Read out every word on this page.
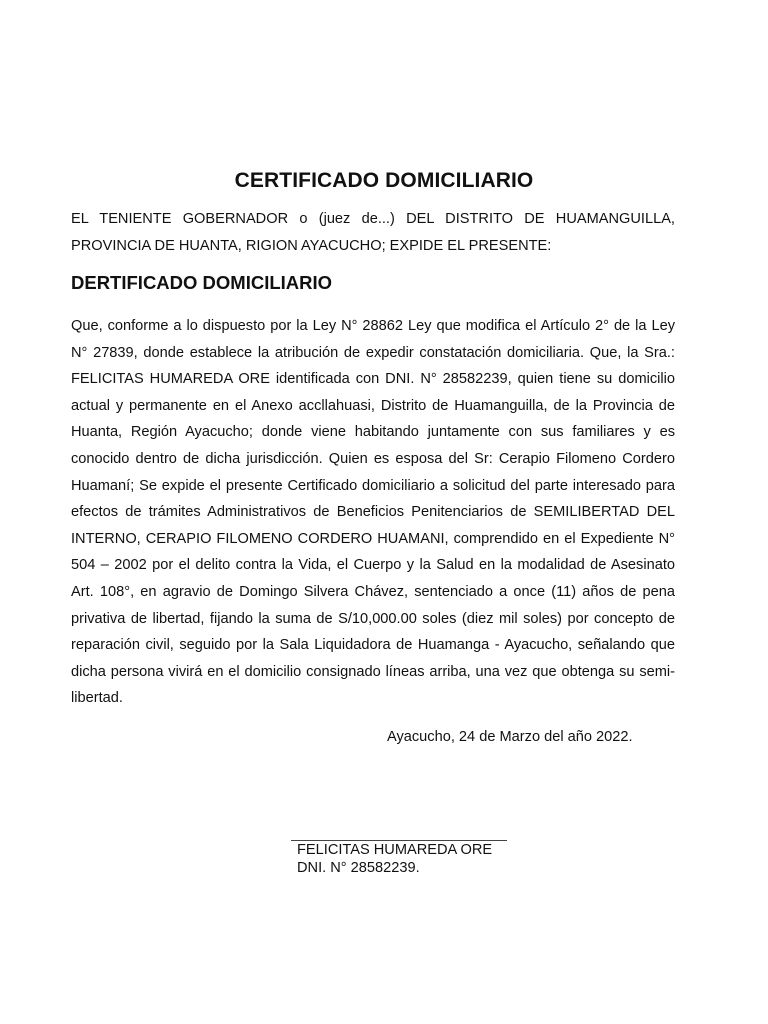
CERTIFICADO DOMICILIARIO
EL TENIENTE GOBERNADOR o (juez de...) DEL DISTRITO DE HUAMANGUILLA, PROVINCIA DE HUANTA, RIGION AYACUCHO; EXPIDE EL PRESENTE:
DERTIFICADO DOMICILIARIO
Que, conforme a lo dispuesto por la Ley N° 28862 Ley que modifica el Artículo 2° de la Ley N° 27839, donde establece la atribución de expedir constatación domiciliaria. Que, la Sra.: FELICITAS HUMAREDA ORE identificada con DNI. N° 28582239, quien tiene su domicilio actual y permanente en el Anexo accllahuasi, Distrito de Huamanguilla, de la Provincia de Huanta, Región Ayacucho; donde viene habitando juntamente con sus familiares y es conocido dentro de dicha jurisdicción. Quien es esposa del Sr: Cerapio Filomeno Cordero Huamaní; Se expide el presente Certificado domiciliario a solicitud del parte interesado para efectos de trámites Administrativos de Beneficios Penitenciarios de SEMILIBERTAD DEL INTERNO, CERAPIO FILOMENO CORDERO HUAMANI, comprendido en el Expediente N° 504 – 2002 por el delito contra la Vida, el Cuerpo y la Salud en la modalidad de Asesinato Art. 108°, en agravio de Domingo Silvera Chávez, sentenciado a once (11) años de pena privativa de libertad, fijando la suma de S/10,000.00 soles (diez mil soles) por concepto de reparación civil, seguido por la Sala Liquidadora de Huamanga - Ayacucho, señalando que dicha persona vivirá en el domicilio consignado líneas arriba, una vez que obtenga su semi-libertad.
Ayacucho, 24 de Marzo del año 2022.
FELICITAS HUMAREDA ORE
DNI. N° 28582239.
